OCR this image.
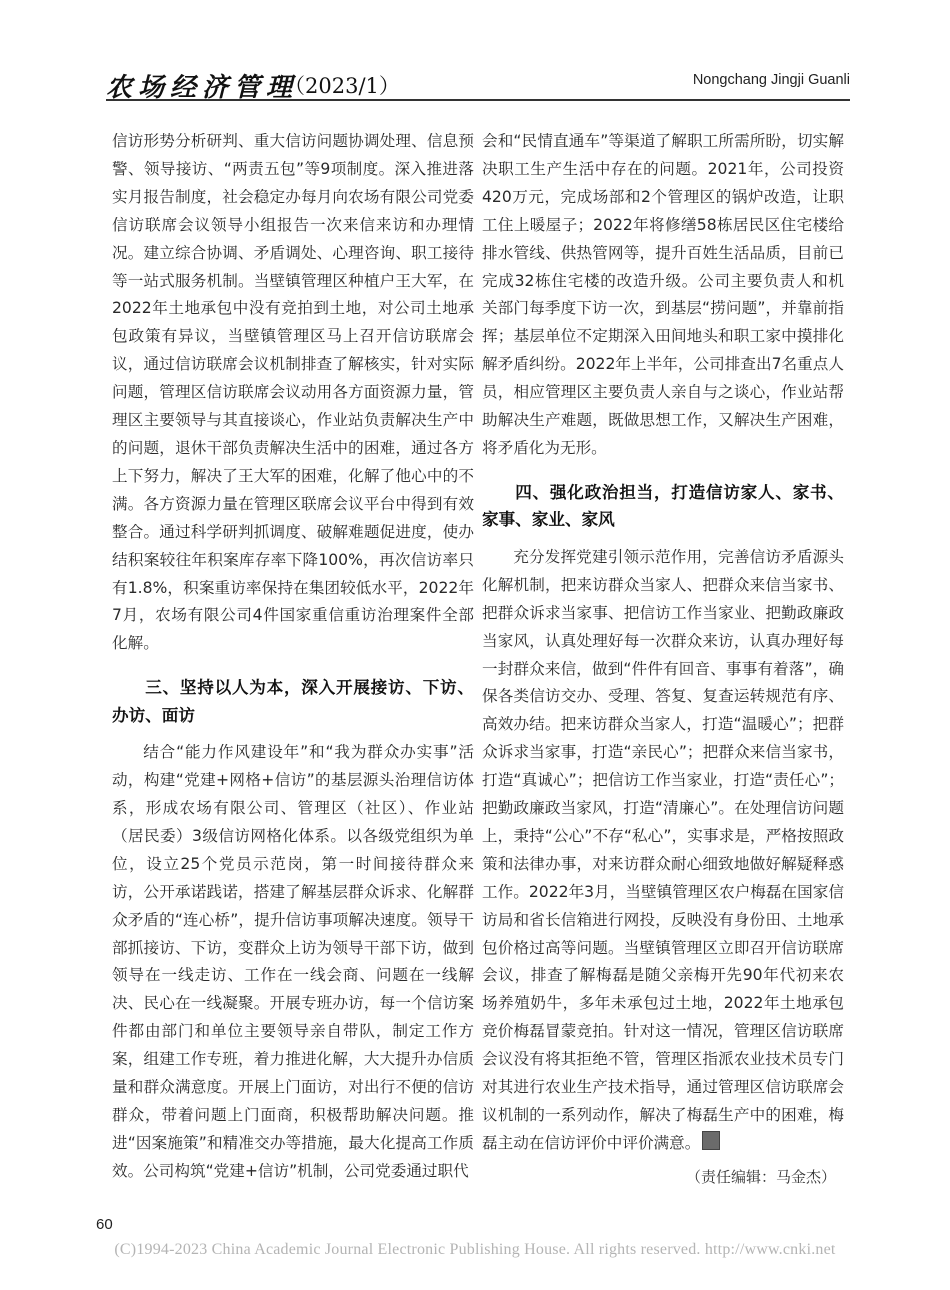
农场经济管理
（2023/1）	Nongchang Jingji Guanli

信访形势分析研判、重大信访问题协调处理、信息预警、领导接访、“两责五包”等9项制度。深入推进落实月报告制度，社会稳定办每月向农场有限公司党委信访联席会议领导小组报告一次来信来访和办理情况。建立综合协调、矛盾调处、心理咨询、职工接待等一站式服务机制。当壁镇管理区种植户王大军，在2022年土地承包中没有竞拍到土地，对公司土地承包政策有异议，当壁镇管理区马上召开信访联席会议，通过信访联席会议机制排查了解核实，针对实际问题，管理区信访联席会议动用各方面资源力量，管理区主要领导与其直接谈心，作业站负责解决生产中的问题，退休干部负责解决生活中的困难，通过各方上下努力，解决了王大军的困难，化解了他心中的不满。各方资源力量在管理区联席会议平台中得到有效整合。通过科学研判抓调度、破解难题促进度，使办结积案较往年积案库存率下降100%，再次信访率只有1.8%，积案重访率保持在集团较低水平，2022年7月，农场有限公司4件国家重信重访治理案件全部化解。

三、坚持以人为本，深入开展接访、下访、办访、面访

结合“能力作风建设年”和“我为群众办实事”活动，构建“党建+网格+信访”的基层源头治理信访体系，形成农场有限公司、管理区（社区）、作业站（居民委）3级信访网格化体系。以各级党组织为单位，设立25个党员示范岗，第一时间接待群众来访，公开承诺践诺，搭建了解基层群众诉求、化解群众矛盾的“连心桥”，提升信访事项解决速度。领导干部抓接访、下访，变群众上访为领导干部下访，做到领导在一线走访、工作在一线会商、问题在一线解决、民心在一线凝聚。开展专班办访，每一个信访案件都由部门和单位主要领导亲自带队，制定工作方案，组建工作专班，着力推进化解，大大提升办信质量和群众满意度。开展上门面访，对出行不便的信访群众，带着问题上门面商，积极帮助解决问题。推进“因案施策”和精准交办等措施，最大化提高工作质效。公司构筑“党建+信访”机制，公司党委通过职代

会和“民情直通车”等渠道了解职工所需所盼，切实解决职工生产生活中存在的问题。2021年，公司投资420万元，完成场部和2个管理区的锅炉改造，让职工住上暖屋子；2022年将修缮58栋居民区住宅楼给排水管线、供热管网等，提升百姓生活品质，目前已完成32栋住宅楼的改造升级。公司主要负责人和机关部门每季度下访一次，到基层“捞问题”，并靠前指挥；基层单位不定期深入田间地头和职工家中摸排化解矛盾纠纷。2022年上半年，公司排查出7名重点人员，相应管理区主要负责人亲自与之谈心，作业站帮助解决生产难题，既做思想工作，又解决生产困难，将矛盾化为无形。

四、强化政治担当，打造信访家人、家书、家事、家业、家风

充分发挥党建引领示范作用，完善信访矛盾源头化解机制，把来访群众当家人、把群众来信当家书、把群众诉求当家事、把信访工作当家业、把勤政廉政当家风，认真处理好每一次群众来访，认真办理好每一封群众来信，做到“件件有回音、事事有着落”，确保各类信访交办、受理、答复、复查运转规范有序、高效办结。把来访群众当家人，打造“温暖心”；把群众诉求当家事，打造“亲民心”；把群众来信当家书，打造“真诚心”；把信访工作当家业，打造“责任心”；把勤政廉政当家风，打造“清廉心”。在处理信访问题上，秉持“公心”不存“私心”，实事求是，严格按照政策和法律办事，对来访群众耐心细致地做好解疑释惑工作。2022年3月，当壁镇管理区农户梅磊在国家信访局和省长信箱进行网投，反映没有身份田、土地承包价格过高等问题。当壁镇管理区立即召开信访联席会议，排查了解梅磊是随父亲梅开先90年代初来农场养殖奶牛，多年未承包过土地，2022年土地承包竞价梅磊冒蒙竞拍。针对这一情况，管理区信访联席会议没有将其拒绝不管，管理区指派农业技术员专门对其进行农业生产技术指导，通过管理区信访联席会议机制的一系列动作，解决了梅磊生产中的困难，梅磊主动在信访评价中评价满意。

（责任编辑：马金杰）
60
(C)1994-2023 China Academic Journal Electronic Publishing House. All rights reserved. http://www.cnki.net
